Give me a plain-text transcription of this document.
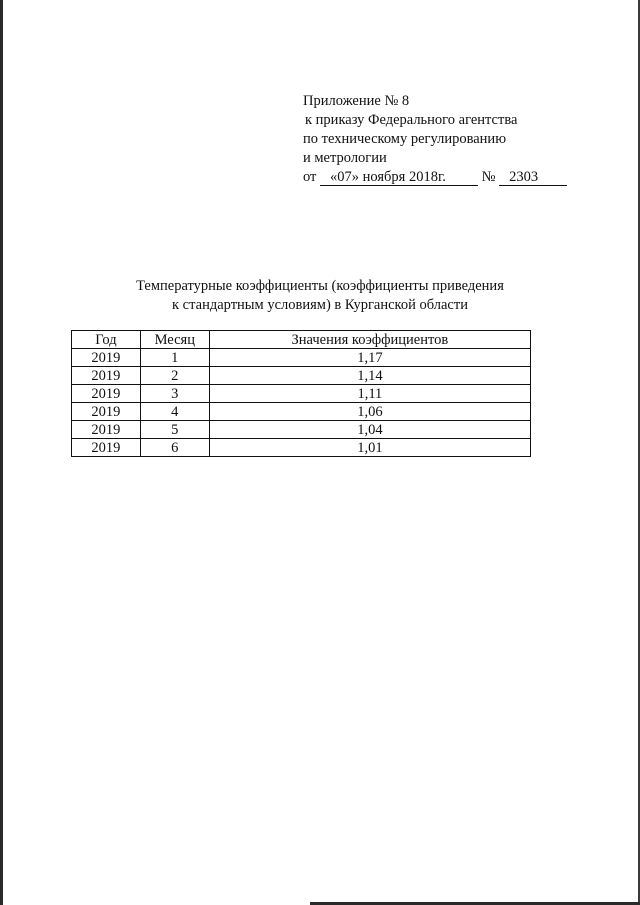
Приложение № 8
к приказу Федерального агентства
по техническому регулированию
и метрологии
от «07» ноября 2018г. № 2303
Температурные коэффициенты (коэффициенты приведения
к стандартным условиям) в Курганской области
Год	Месяц	Значения коэффициентов
2019	1	1,17
2019	2	1,14
2019	3	1,11
2019	4	1,06
2019	5	1,04
2019	6	1,01
